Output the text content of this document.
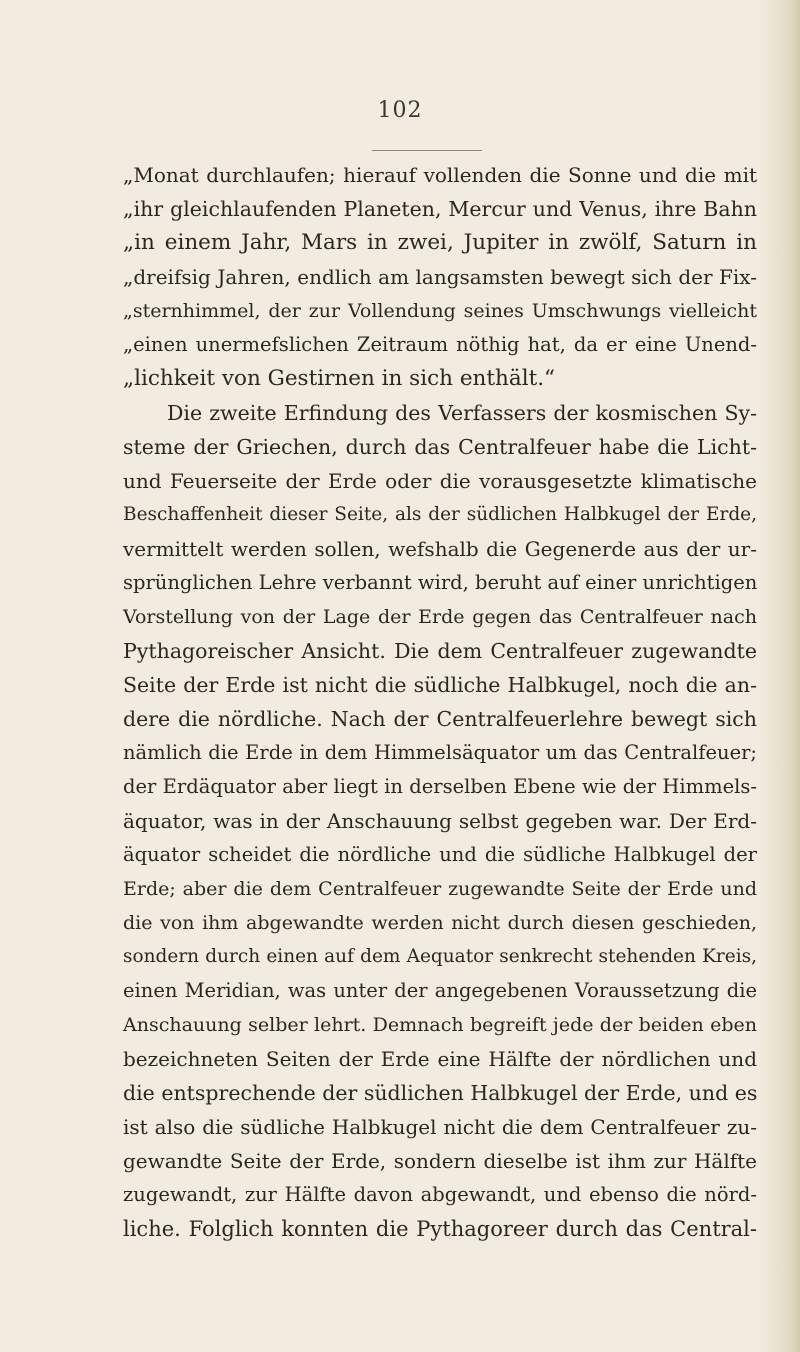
102
„Monat durchlaufen; hierauf vollenden die Sonne und die mit
„ihr gleichlaufenden Planeten, Mercur und Venus, ihre Bahn
„in einem Jahr, Mars in zwei, Jupiter in zwölf, Saturn in
„dreifsig Jahren, endlich am langsamsten bewegt sich der Fix-
„sternhimmel, der zur Vollendung seines Umschwungs vielleicht
„einen unermefslichen Zeitraum nöthig hat, da er eine Unend-
„lichkeit von Gestirnen in sich enthält.“
Die zweite Erfindung des Verfassers der kosmischen Sy-
steme der Griechen, durch das Centralfeuer habe die Licht-
und Feuerseite der Erde oder die vorausgesetzte klimatische
Beschaffenheit dieser Seite, als der südlichen Halbkugel der Erde,
vermittelt werden sollen, wefshalb die Gegenerde aus der ur-
sprünglichen Lehre verbannt wird, beruht auf einer unrichtigen
Vorstellung von der Lage der Erde gegen das Centralfeuer nach
Pythagoreischer Ansicht. Die dem Centralfeuer zugewandte
Seite der Erde ist nicht die südliche Halbkugel, noch die an-
dere die nördliche. Nach der Centralfeuerlehre bewegt sich
nämlich die Erde in dem Himmelsäquator um das Centralfeuer;
der Erdäquator aber liegt in derselben Ebene wie der Himmels-
äquator, was in der Anschauung selbst gegeben war. Der Erd-
äquator scheidet die nördliche und die südliche Halbkugel der
Erde; aber die dem Centralfeuer zugewandte Seite der Erde und
die von ihm abgewandte werden nicht durch diesen geschieden,
sondern durch einen auf dem Aequator senkrecht stehenden Kreis,
einen Meridian, was unter der angegebenen Voraussetzung die
Anschauung selber lehrt. Demnach begreift jede der beiden eben
bezeichneten Seiten der Erde eine Hälfte der nördlichen und
die entsprechende der südlichen Halbkugel der Erde, und es
ist also die südliche Halbkugel nicht die dem Centralfeuer zu-
gewandte Seite der Erde, sondern dieselbe ist ihm zur Hälfte
zugewandt, zur Hälfte davon abgewandt, und ebenso die nörd-
liche. Folglich konnten die Pythagoreer durch das Central-
